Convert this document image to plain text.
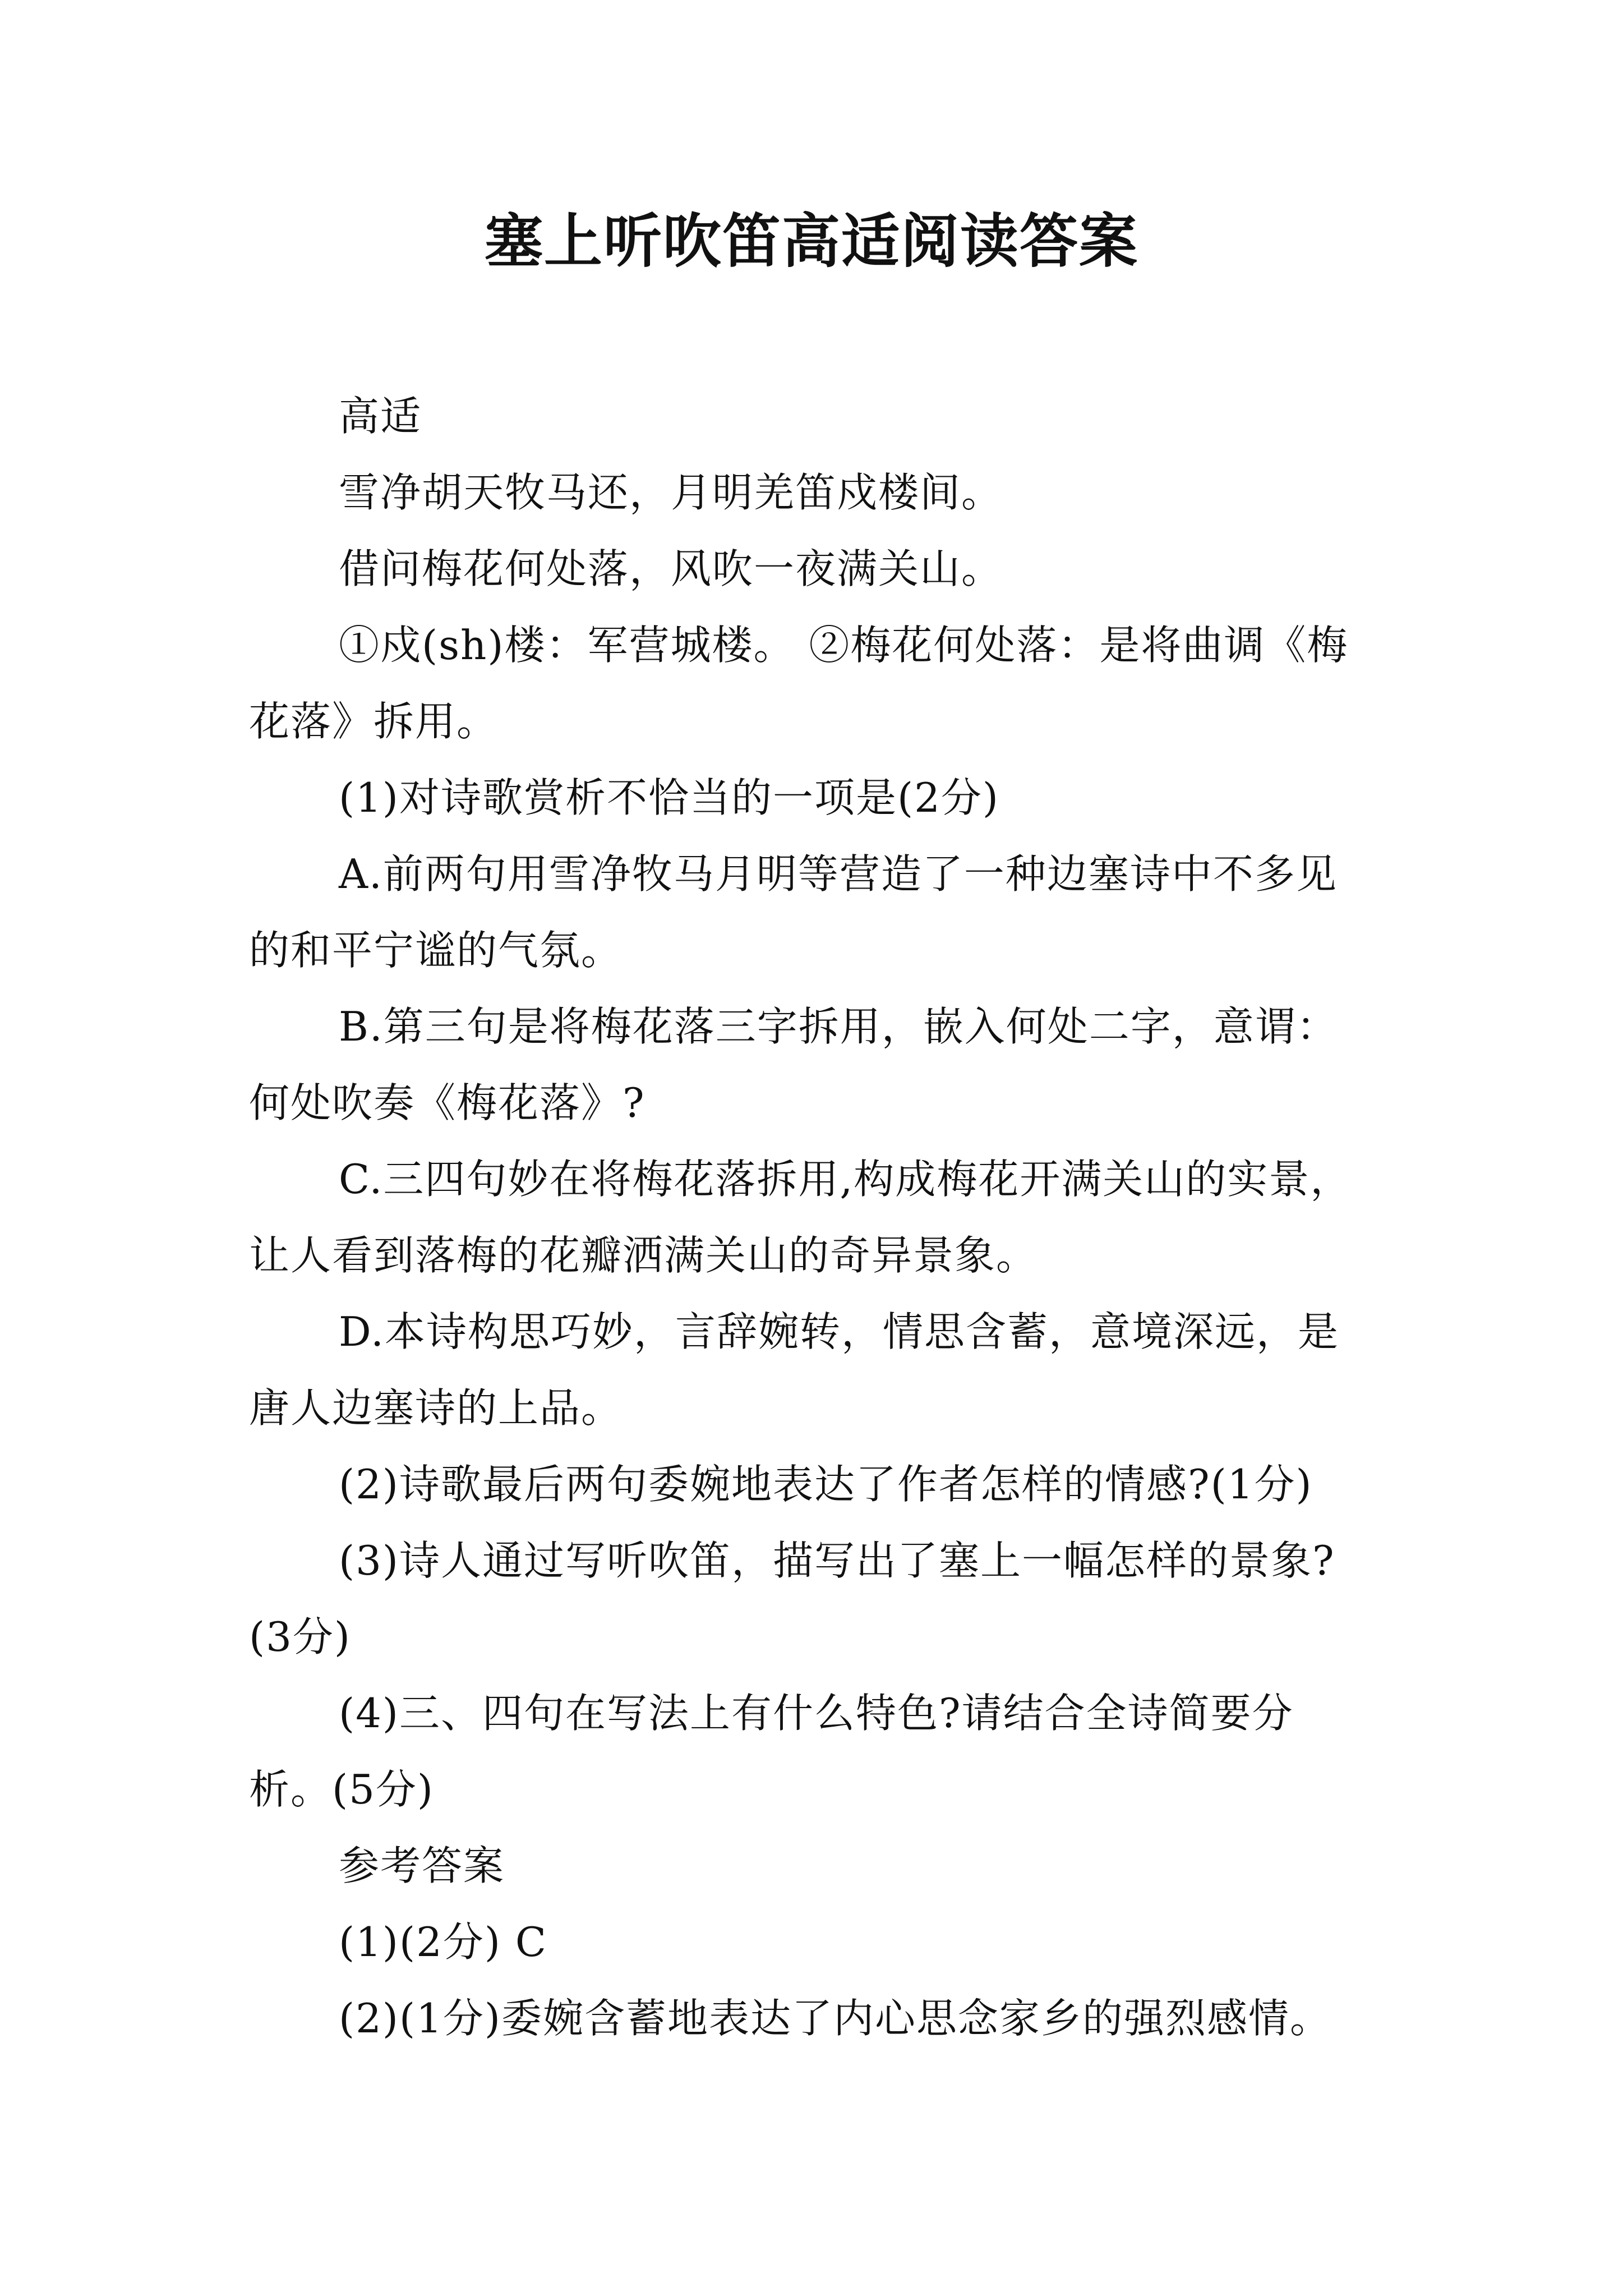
塞上听吹笛高适阅读答案

高适

雪净胡天牧马还，月明羌笛戍楼间。

借问梅花何处落，风吹一夜满关山。

①戍(sh)楼：军营城楼。 ②梅花何处落：是将曲调《梅花落》拆用。

(1)对诗歌赏析不恰当的一项是(2分)

A.前两句用雪净牧马月明等营造了一种边塞诗中不多见的和平宁谧的气氛。

B.第三句是将梅花落三字拆用，嵌入何处二字，意谓：何处吹奏《梅花落》?

C.三四句妙在将梅花落拆用,构成梅花开满关山的实景，让人看到落梅的花瓣洒满关山的奇异景象。

D.本诗构思巧妙，言辞婉转，情思含蓄，意境深远，是唐人边塞诗的上品。

(2)诗歌最后两句委婉地表达了作者怎样的情感?(1分)

(3)诗人通过写听吹笛，描写出了塞上一幅怎样的景象?(3分)

(4)三、四句在写法上有什么特色?请结合全诗简要分析。(5分)

参考答案

(1)(2分) C

(2)(1分)委婉含蓄地表达了内心思念家乡的强烈感情。
